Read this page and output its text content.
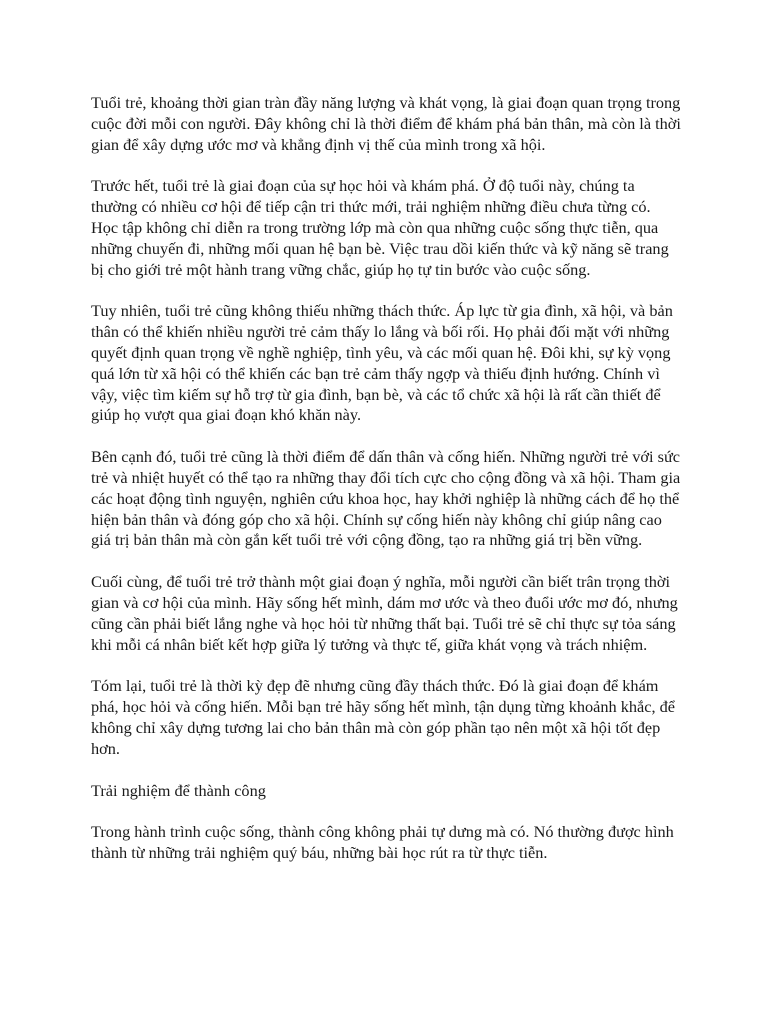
Tuổi trẻ, khoảng thời gian tràn đầy năng lượng và khát vọng, là giai đoạn quan trọng trong cuộc đời mỗi con người. Đây không chỉ là thời điểm để khám phá bản thân, mà còn là thời gian để xây dựng ước mơ và khẳng định vị thế của mình trong xã hội.

Trước hết, tuổi trẻ là giai đoạn của sự học hỏi và khám phá. Ở độ tuổi này, chúng ta thường có nhiều cơ hội để tiếp cận tri thức mới, trải nghiệm những điều chưa từng có. Học tập không chỉ diễn ra trong trường lớp mà còn qua những cuộc sống thực tiễn, qua những chuyến đi, những mối quan hệ bạn bè. Việc trau dồi kiến thức và kỹ năng sẽ trang bị cho giới trẻ một hành trang vững chắc, giúp họ tự tin bước vào cuộc sống.

Tuy nhiên, tuổi trẻ cũng không thiếu những thách thức. Áp lực từ gia đình, xã hội, và bản thân có thể khiến nhiều người trẻ cảm thấy lo lắng và bối rối. Họ phải đối mặt với những quyết định quan trọng về nghề nghiệp, tình yêu, và các mối quan hệ. Đôi khi, sự kỳ vọng quá lớn từ xã hội có thể khiến các bạn trẻ cảm thấy ngợp và thiếu định hướng. Chính vì vậy, việc tìm kiếm sự hỗ trợ từ gia đình, bạn bè, và các tổ chức xã hội là rất cần thiết để giúp họ vượt qua giai đoạn khó khăn này.

Bên cạnh đó, tuổi trẻ cũng là thời điểm để dấn thân và cống hiến. Những người trẻ với sức trẻ và nhiệt huyết có thể tạo ra những thay đổi tích cực cho cộng đồng và xã hội. Tham gia các hoạt động tình nguyện, nghiên cứu khoa học, hay khởi nghiệp là những cách để họ thể hiện bản thân và đóng góp cho xã hội. Chính sự cống hiến này không chỉ giúp nâng cao giá trị bản thân mà còn gắn kết tuổi trẻ với cộng đồng, tạo ra những giá trị bền vững.

Cuối cùng, để tuổi trẻ trở thành một giai đoạn ý nghĩa, mỗi người cần biết trân trọng thời gian và cơ hội của mình. Hãy sống hết mình, dám mơ ước và theo đuổi ước mơ đó, nhưng cũng cần phải biết lắng nghe và học hỏi từ những thất bại. Tuổi trẻ sẽ chỉ thực sự tỏa sáng khi mỗi cá nhân biết kết hợp giữa lý tưởng và thực tế, giữa khát vọng và trách nhiệm.

Tóm lại, tuổi trẻ là thời kỳ đẹp đẽ nhưng cũng đầy thách thức. Đó là giai đoạn để khám phá, học hỏi và cống hiến. Mỗi bạn trẻ hãy sống hết mình, tận dụng từng khoảnh khắc, để không chỉ xây dựng tương lai cho bản thân mà còn góp phần tạo nên một xã hội tốt đẹp hơn.

Trải nghiệm để thành công

Trong hành trình cuộc sống, thành công không phải tự dưng mà có. Nó thường được hình thành từ những trải nghiệm quý báu, những bài học rút ra từ thực tiễn.
